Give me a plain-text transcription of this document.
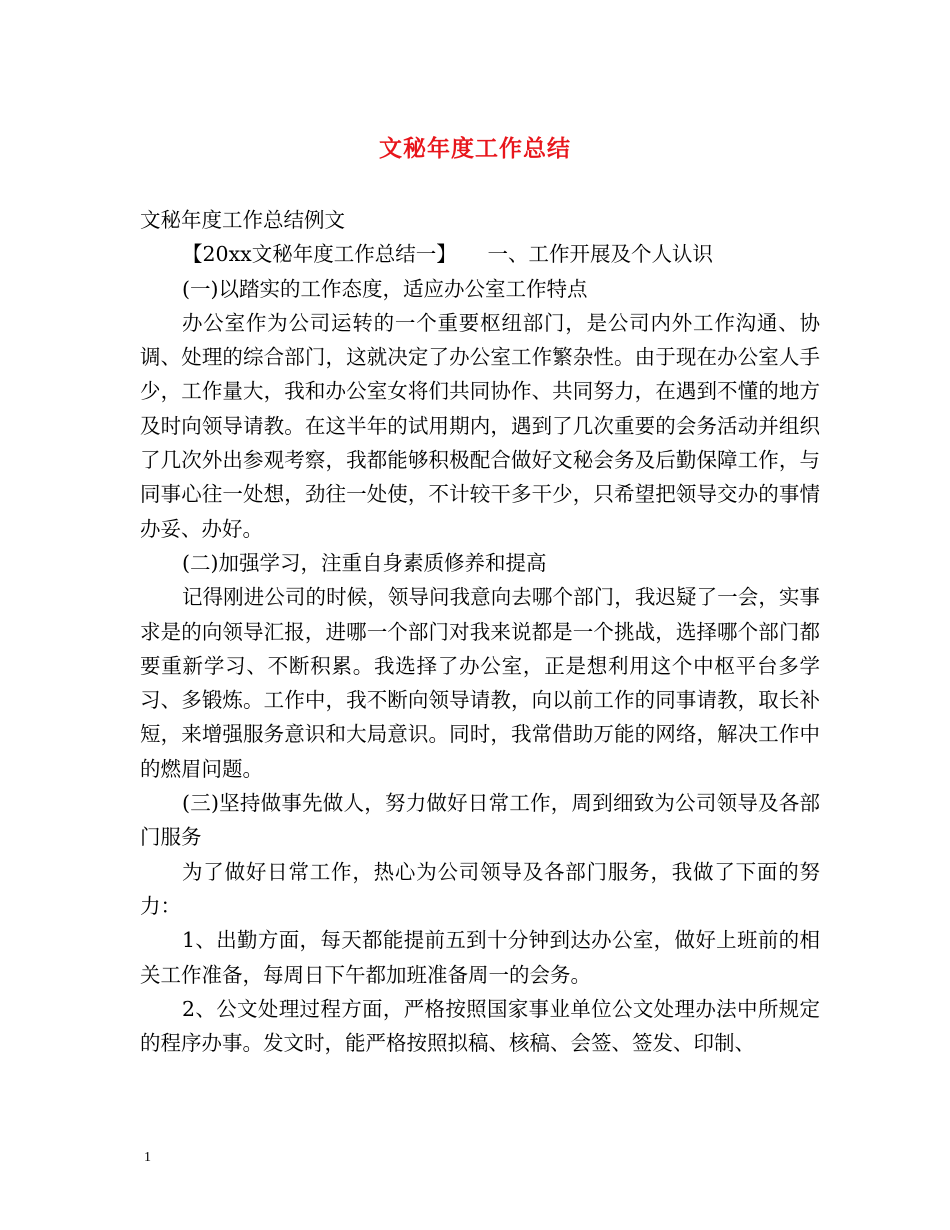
文秘年度工作总结

文秘年度工作总结例文

【20xx文秘年度工作总结一】　　一、工作开展及个人认识

(一)以踏实的工作态度，适应办公室工作特点

办公室作为公司运转的一个重要枢纽部门，是公司内外工作沟通、协调、处理的综合部门，这就决定了办公室工作繁杂性。由于现在办公室人手少，工作量大，我和办公室女将们共同协作、共同努力，在遇到不懂的地方及时向领导请教。在这半年的试用期内，遇到了几次重要的会务活动并组织了几次外出参观考察，我都能够积极配合做好文秘会务及后勤保障工作，与同事心往一处想，劲往一处使，不计较干多干少，只希望把领导交办的事情办妥、办好。

(二)加强学习，注重自身素质修养和提高

记得刚进公司的时候，领导问我意向去哪个部门，我迟疑了一会，实事求是的向领导汇报，进哪一个部门对我来说都是一个挑战，选择哪个部门都要重新学习、不断积累。我选择了办公室，正是想利用这个中枢平台多学习、多锻炼。工作中，我不断向领导请教，向以前工作的同事请教，取长补短，来增强服务意识和大局意识。同时，我常借助万能的网络，解决工作中的燃眉问题。

(三)坚持做事先做人，努力做好日常工作，周到细致为公司领导及各部门服务

为了做好日常工作，热心为公司领导及各部门服务，我做了下面的努力：

1、出勤方面，每天都能提前五到十分钟到达办公室，做好上班前的相关工作准备，每周日下午都加班准备周一的会务。

2、公文处理过程方面，严格按照国家事业单位公文处理办法中所规定的程序办事。发文时，能严格按照拟稿、核稿、会签、签发、印制、

1
